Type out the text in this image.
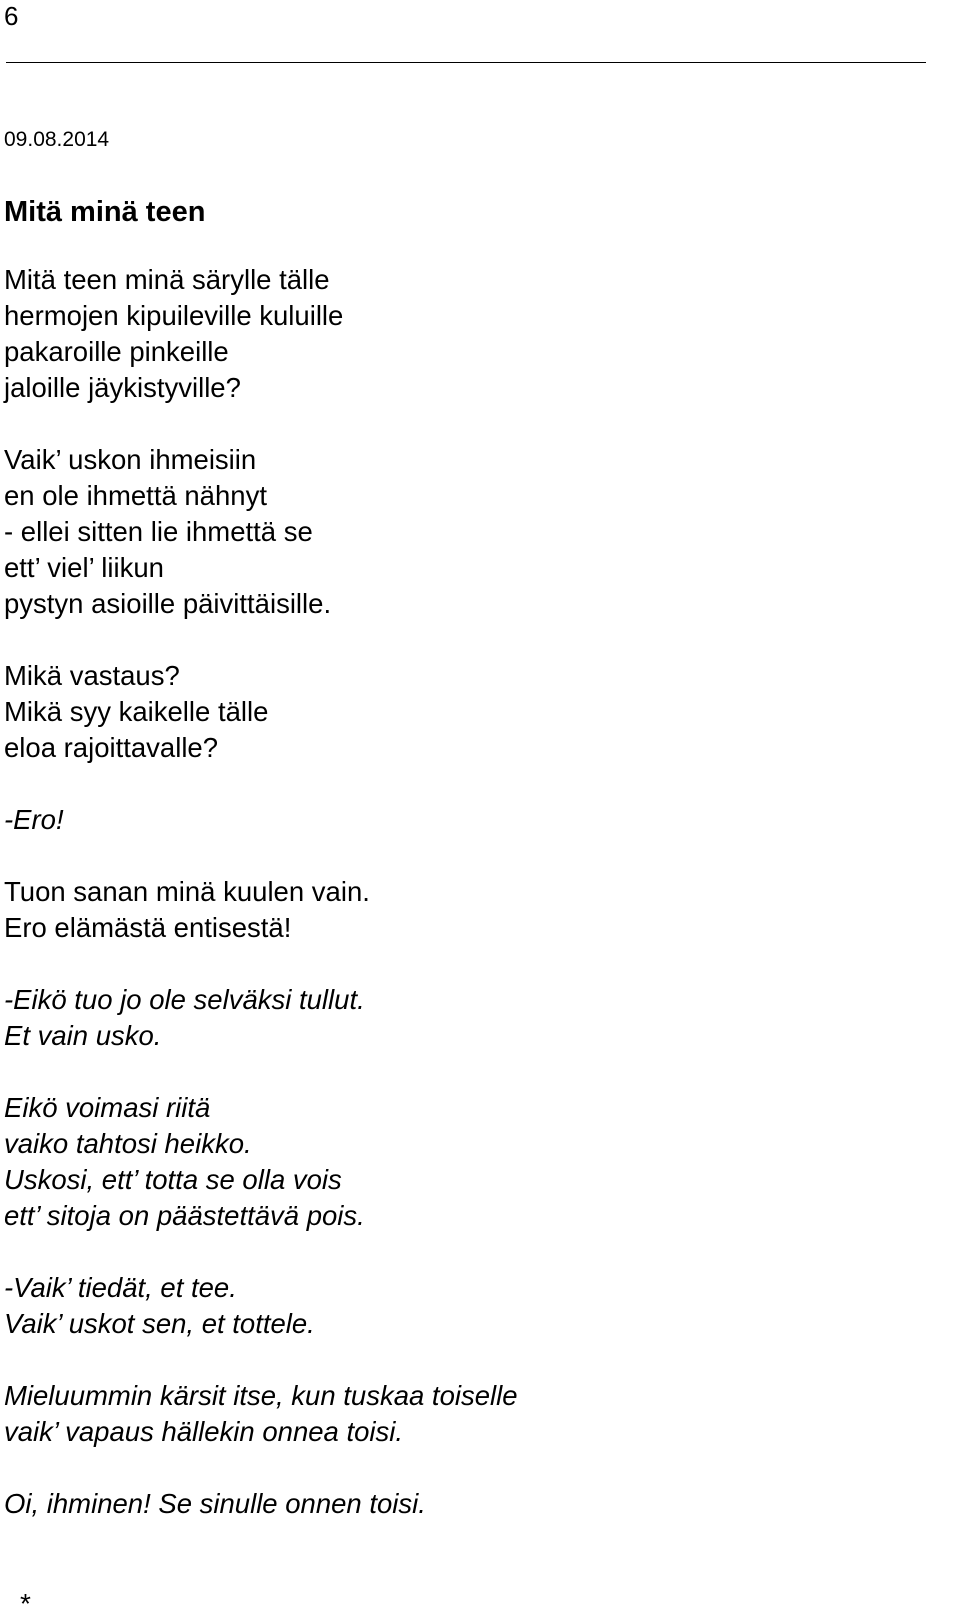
6
09.08.2014
Mitä minä teen
Mitä teen minä särylle tälle
hermojen kipuileville kuluille
pakaroille pinkeille
jaloille jäykistyville?
Vaik’ uskon ihmeisiin
en ole ihmettä nähnyt
- ellei sitten lie ihmettä se
ett’ viel’ liikun
pystyn asioille päivittäisille.
Mikä vastaus?
Mikä syy kaikelle tälle
eloa rajoittavalle?
-Ero!
Tuon sanan minä kuulen vain.
Ero elämästä entisestä!
-Eikö tuo jo ole selväksi tullut.
Et vain usko.
Eikö voimasi riitä
vaiko tahtosi heikko.
Uskosi, ett’ totta se olla vois
ett’ sitoja on päästettävä pois.
-Vaik’ tiedät, et tee.
Vaik’ uskot sen, et tottele.
Mieluummin kärsit itse, kun tuskaa toiselle
vaik’ vapaus hällekin onnea toisi.
Oi, ihminen! Se sinulle onnen toisi.
*
